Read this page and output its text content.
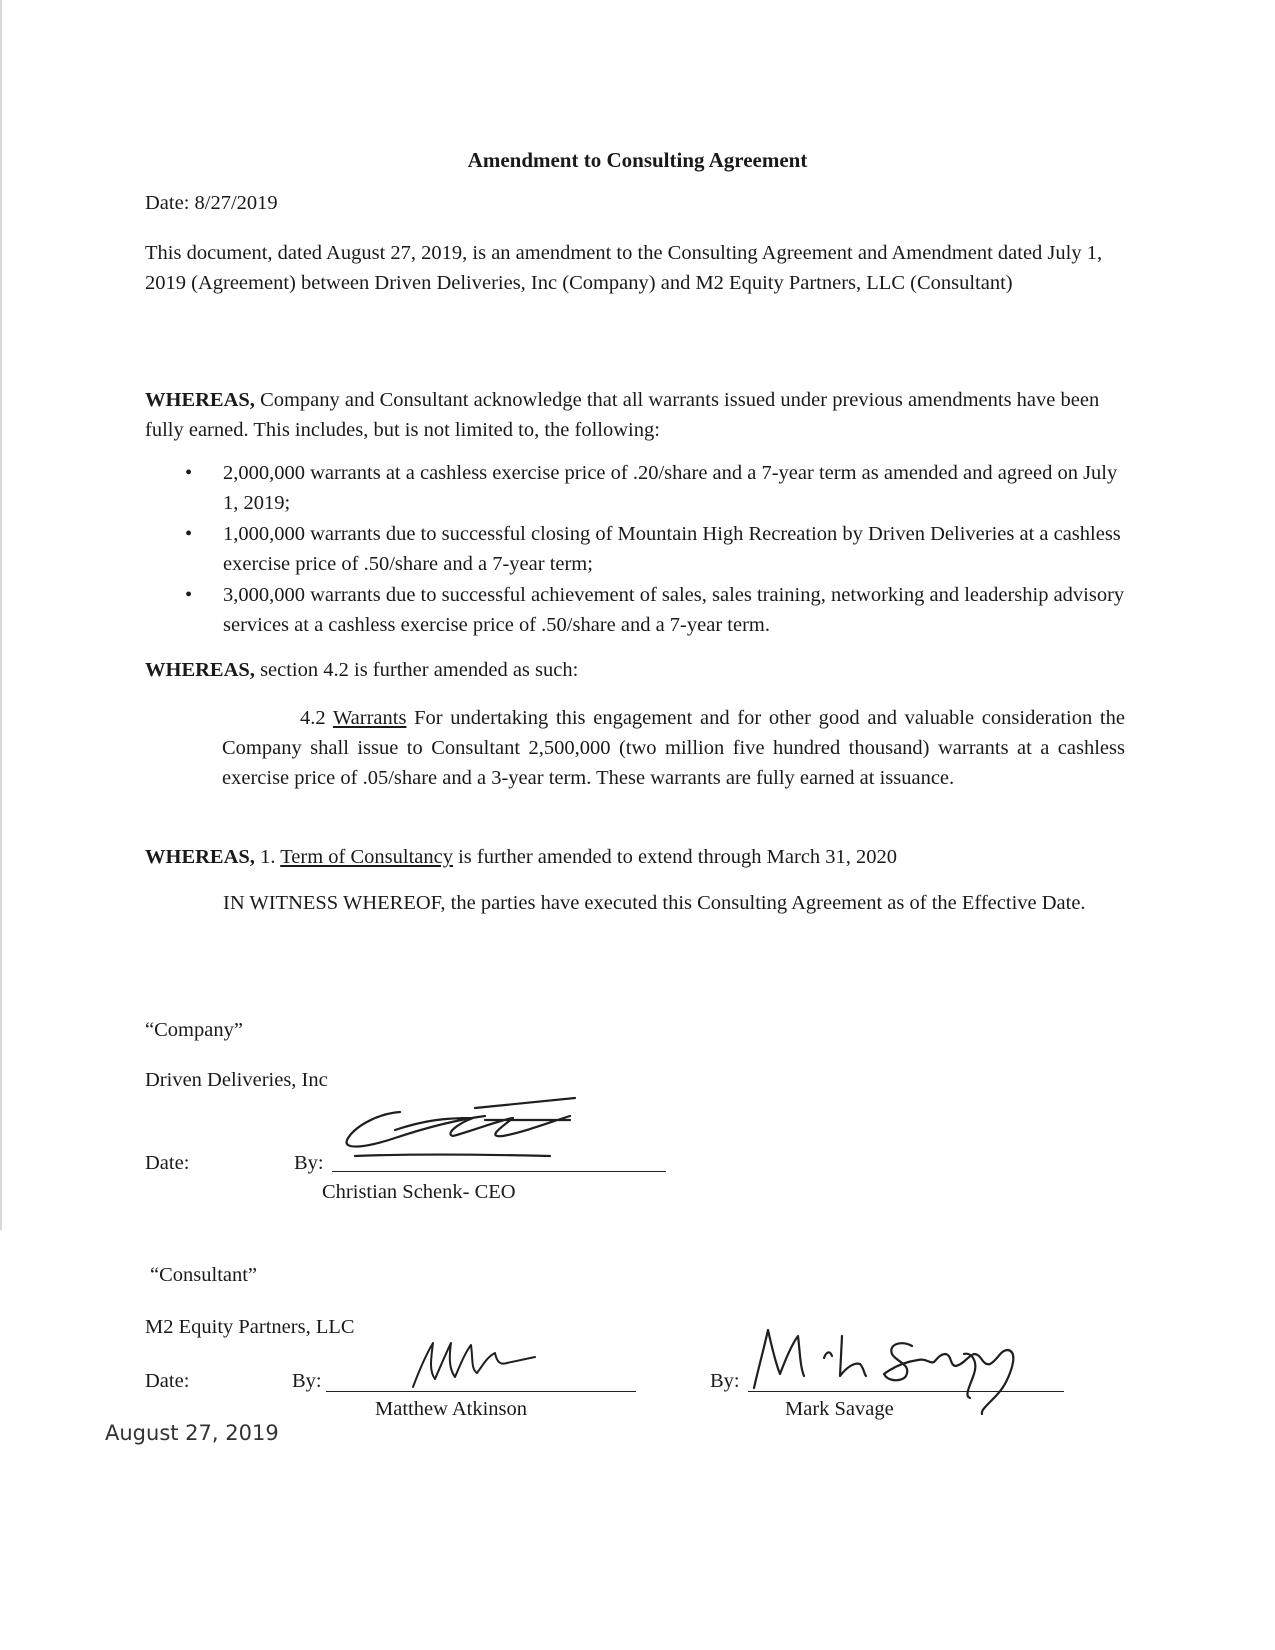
Amendment to Consulting Agreement
Date: 8/27/2019
This document, dated August 27, 2019, is an amendment to the Consulting Agreement and Amendment dated July 1, 2019 (Agreement) between Driven Deliveries, Inc (Company) and M2 Equity Partners, LLC (Consultant)
WHEREAS, Company and Consultant acknowledge that all warrants issued under previous amendments have been fully earned. This includes, but is not limited to, the following:
• 2,000,000 warrants at a cashless exercise price of .20/share and a 7-year term as amended and agreed on July 1, 2019;
• 1,000,000 warrants due to successful closing of Mountain High Recreation by Driven Deliveries at a cashless exercise price of .50/share and a 7-year term;
• 3,000,000 warrants due to successful achievement of sales, sales training, networking and leadership advisory services at a cashless exercise price of .50/share and a 7-year term.
WHEREAS, section 4.2 is further amended as such:
4.2 Warrants For undertaking this engagement and for other good and valuable consideration the Company shall issue to Consultant 2,500,000 (two million five hundred thousand) warrants at a cashless exercise price of .05/share and a 3-year term. These warrants are fully earned at issuance.
WHEREAS, 1. Term of Consultancy is further amended to extend through March 31, 2020
IN WITNESS WHEREOF, the parties have executed this Consulting Agreement as of the Effective Date.
“Company”
Driven Deliveries, Inc
Date:	By:
Christian Schenk- CEO
“Consultant”
M2 Equity Partners, LLC
Date:	By:
Matthew Atkinson
By:
Mark Savage
August 27, 2019
